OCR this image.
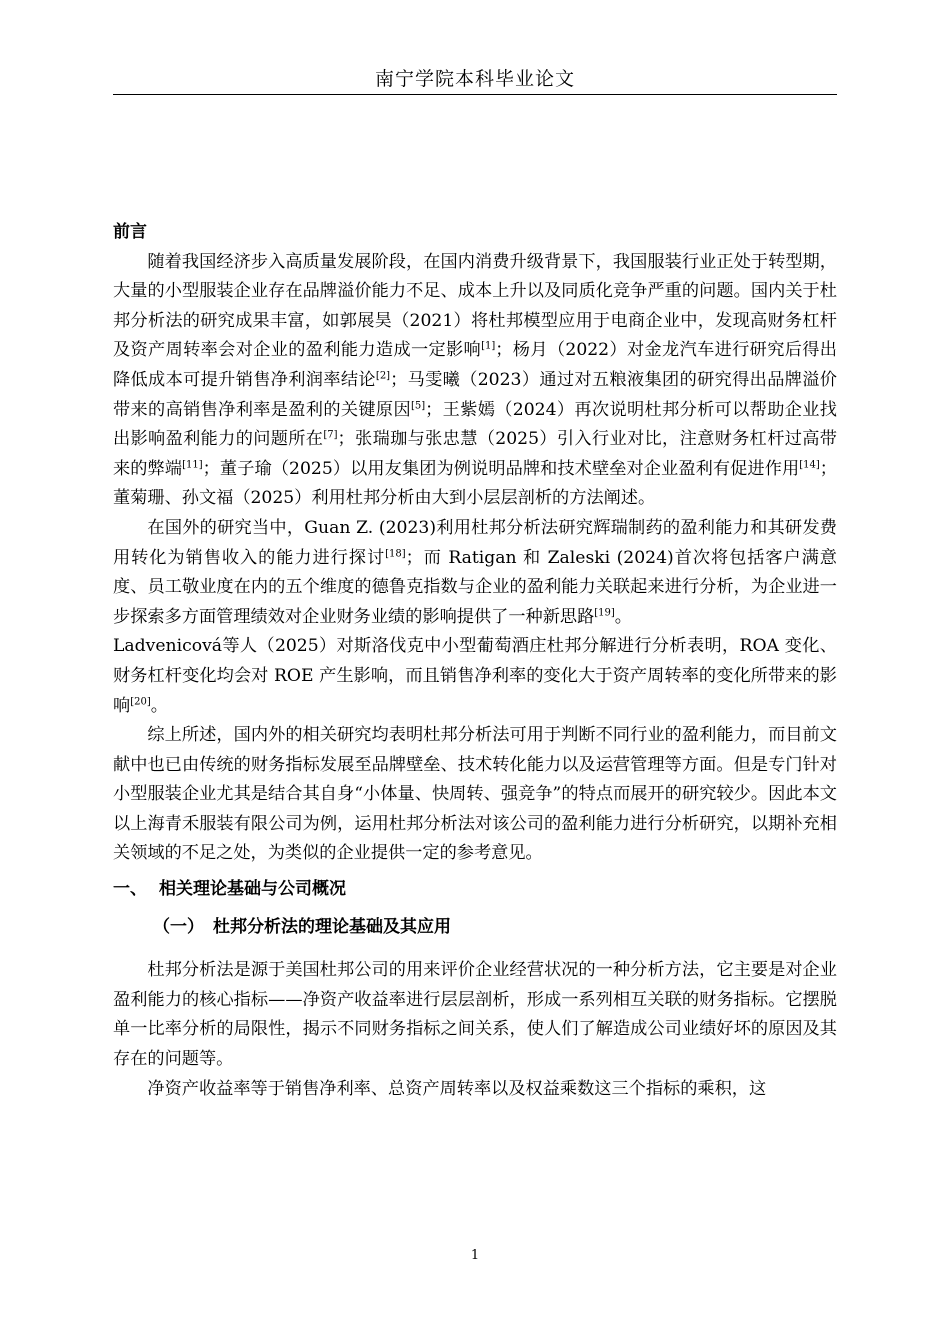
南宁学院本科毕业论文

前言

随着我国经济步入高质量发展阶段，在国内消费升级背景下，我国服装行业正处于转型期，大量的小型服装企业存在品牌溢价能力不足、成本上升以及同质化竞争严重的问题。国内关于杜邦分析法的研究成果丰富，如郭展昊（2021）将杜邦模型应用于电商企业中，发现高财务杠杆及资产周转率会对企业的盈利能力造成一定影响[1]；杨月（2022）对金龙汽车进行研究后得出降低成本可提升销售净利润率结论[2]；马雯曦（2023）通过对五粮液集团的研究得出品牌溢价带来的高销售净利率是盈利的关键原因[5]；王紫嫣（2024）再次说明杜邦分析可以帮助企业找出影响盈利能力的问题所在[7]；张瑞珈与张忠慧（2025）引入行业对比，注意财务杠杆过高带来的弊端[11]；董子瑜（2025）以用友集团为例说明品牌和技术壁垒对企业盈利有促进作用[14]；董菊珊、孙文福（2025）利用杜邦分析由大到小层层剖析的方法阐述。

在国外的研究当中，Guan Z. (2023)利用杜邦分析法研究辉瑞制药的盈利能力和其研发费用转化为销售收入的能力进行探讨[18]；而 Ratigan 和 Zaleski (2024)首次将包括客户满意度、员工敬业度在内的五个维度的德鲁克指数与企业的盈利能力关联起来进行分析，为企业进一步探索多方面管理绩效对企业财务业绩的影响提供了一种新思路[19]。

Ladvenicová等人（2025）对斯洛伐克中小型葡萄酒庄杜邦分解进行分析表明，ROA 变化、财务杠杆变化均会对 ROE 产生影响，而且销售净利率的变化大于资产周转率的变化所带来的影响[20]。

综上所述，国内外的相关研究均表明杜邦分析法可用于判断不同行业的盈利能力，而目前文献中也已由传统的财务指标发展至品牌壁垒、技术转化能力以及运营管理等方面。但是专门针对小型服装企业尤其是结合其自身“小体量、快周转、强竞争”的特点而展开的研究较少。因此本文以上海青禾服装有限公司为例，运用杜邦分析法对该公司的盈利能力进行分析研究，以期补充相关领域的不足之处，为类似的企业提供一定的参考意见。

一、 相关理论基础与公司概况

（一） 杜邦分析法的理论基础及其应用

杜邦分析法是源于美国杜邦公司的用来评价企业经营状况的一种分析方法，它主要是对企业盈利能力的核心指标——净资产收益率进行层层剖析，形成一系列相互关联的财务指标。它摆脱单一比率分析的局限性，揭示不同财务指标之间关系，使人们了解造成公司业绩好坏的原因及其存在的问题等。

净资产收益率等于销售净利率、总资产周转率以及权益乘数这三个指标的乘积，这

1
